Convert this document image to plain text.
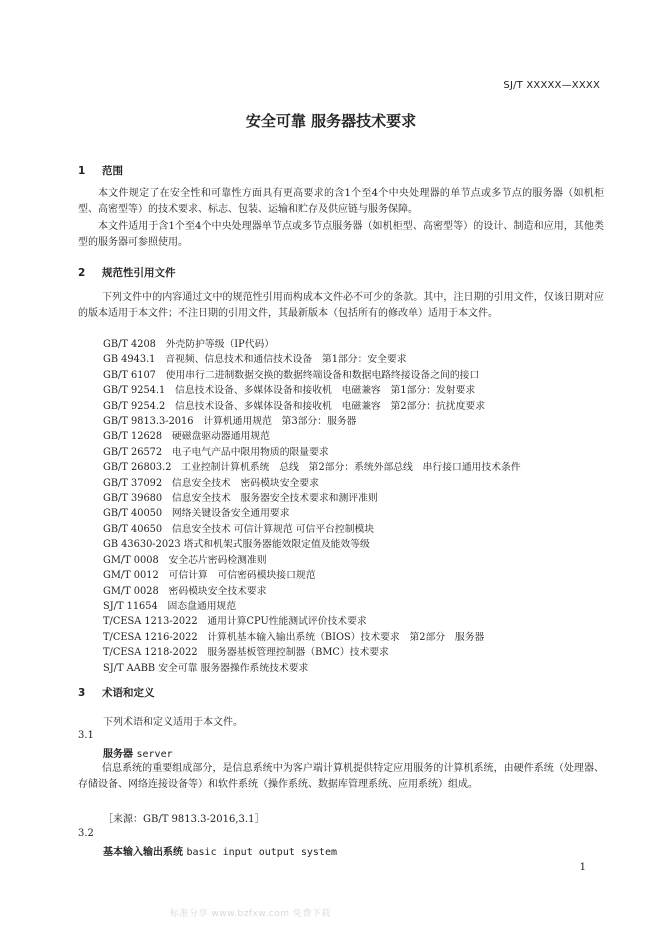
SJ/T XXXXX—XXXX
安全可靠 服务器技术要求
1 范围
本文件规定了在安全性和可靠性方面具有更高要求的含1个至4个中央处理器的单节点或多节点的服务器（如机柜型、高密型等）的技术要求、标志、包装、运输和贮存及供应链与服务保障。
本文件适用于含1个至4个中央处理器单节点或多节点服务器（如机柜型、高密型等）的设计、制造和应用，其他类型的服务器可参照使用。
2 规范性引用文件
下列文件中的内容通过文中的规范性引用而构成本文件必不可少的条款。其中，注日期的引用文件，仅该日期对应的版本适用于本文件；不注日期的引用文件，其最新版本（包括所有的修改单）适用于本文件。
GB/T 4208　外壳防护等级（IP代码）
GB 4943.1　音视频、信息技术和通信技术设备　第1部分：安全要求
GB/T 6107　使用串行二进制数据交换的数据终端设备和数据电路终接设备之间的接口
GB/T 9254.1　信息技术设备、多媒体设备和接收机　电磁兼容　第1部分：发射要求
GB/T 9254.2　信息技术设备、多媒体设备和接收机　电磁兼容　第2部分：抗扰度要求
GB/T 9813.3-2016　计算机通用规范　第3部分：服务器
GB/T 12628　硬磁盘驱动器通用规范
GB/T 26572　电子电气产品中限用物质的限量要求
GB/T 26803.2　工业控制计算机系统　总线　第2部分：系统外部总线　串行接口通用技术条件
GB/T 37092　信息安全技术　密码模块安全要求
GB/T 39680　信息安全技术　服务器安全技术要求和测评准则
GB/T 40050　网络关键设备安全通用要求
GB/T 40650　信息安全技术 可信计算规范 可信平台控制模块
GB 43630-2023 塔式和机架式服务器能效限定值及能效等级
GM/T 0008　安全芯片密码检测准则
GM/T 0012　可信计算　可信密码模块接口规范
GM/T 0028　密码模块安全技术要求
SJ/T 11654　固态盘通用规范
T/CESA 1213-2022　通用计算CPU性能测试评价技术要求
T/CESA 1216-2022　计算机基本输入输出系统（BIOS）技术要求　第2部分　服务器
T/CESA 1218-2022　服务器基板管理控制器（BMC）技术要求
SJ/T AABB 安全可靠 服务器操作系统技术要求
3 术语和定义
下列术语和定义适用于本文件。
3.1
服务器 server
信息系统的重要组成部分，是信息系统中为客户端计算机提供特定应用服务的计算机系统，由硬件系统（处理器、存储设备、网络连接设备等）和软件系统（操作系统、数据库管理系统、应用系统）组成。
［来源：GB/T 9813.3-2016,3.1］
3.2
基本输入输出系统 basic input output system
1
标准分享 www.bzfxw.com 免费下载
